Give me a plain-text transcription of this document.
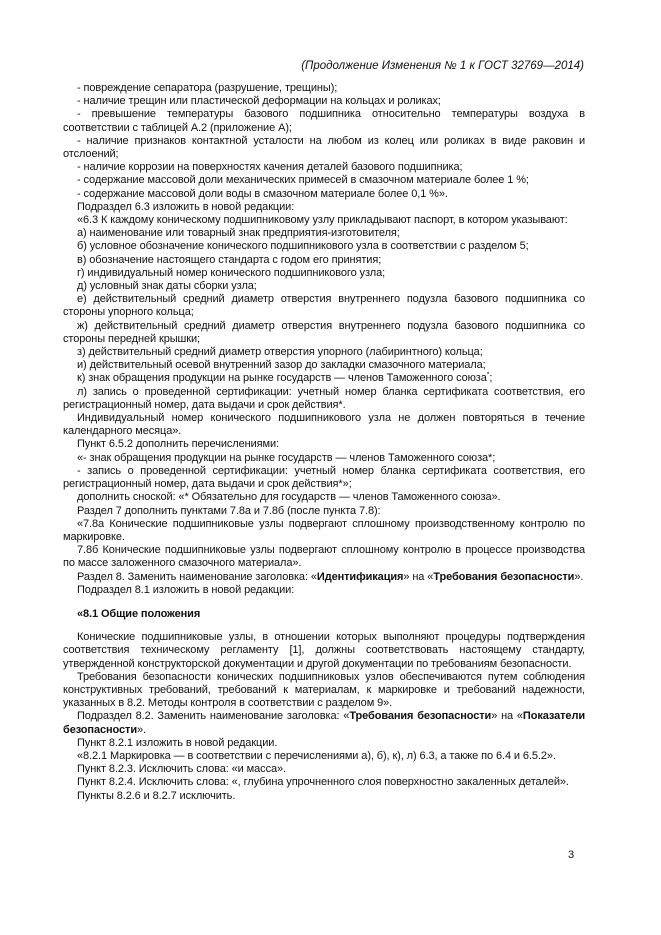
(Продолжение Изменения № 1 к ГОСТ 32769—2014)

- повреждение сепаратора (разрушение, трещины);

- наличие трещин или пластической деформации на кольцах и роликах;

- превышение температуры базового подшипника относительно температуры воздуха в соответствии с таблицей А.2 (приложение А);

- наличие признаков контактной усталости на любом из колец или роликах в виде раковин и отслоений;

- наличие коррозии на поверхностях качения деталей базового подшипника;

- содержание массовой доли механических примесей в смазочном материале более 1 %;

- содержание массовой доли воды в смазочном материале более 0,1 %».

Подраздел 6.3 изложить в новой редакции:

«6.3 К каждому коническому подшипниковому узлу прикладывают паспорт, в котором указывают:

а) наименование или товарный знак предприятия-изготовителя;

б) условное обозначение конического подшипникового узла в соответствии с разделом 5;

в) обозначение настоящего стандарта с годом его принятия;

г) индивидуальный номер конического подшипникового узла;

д) условный знак даты сборки узла;

е) действительный средний диаметр отверстия внутреннего подузла базового подшипника со стороны упорного кольца;

ж) действительный средний диаметр отверстия внутреннего подузла базового подшипника со стороны передней крышки;

з) действительный средний диаметр отверстия упорного (лабиринтного) кольца;

и) действительный осевой внутренний зазор до закладки смазочного материала;

к) знак обращения продукции на рынке государств — членов Таможенного союза*;

л) запись о проведенной сертификации: учетный номер бланка сертификата соответствия, его регистрационный номер, дата выдачи и срок действия*.

Индивидуальный номер конического подшипникового узла не должен повторяться в течение календарного месяца».

Пункт 6.5.2 дополнить перечислениями:

«- знак обращения продукции на рынке государств — членов Таможенного союза*;

- запись о проведенной сертификации: учетный номер бланка сертификата соответствия, его регистрационный номер, дата выдачи и срок действия*»;

дополнить сноской: «* Обязательно для государств — членов Таможенного союза».

Раздел 7 дополнить пунктами 7.8а и 7.8б (после пункта 7.8):

«7.8а Конические подшипниковые узлы подвергают сплошному производственному контролю по маркировке.

7.8б Конические подшипниковые узлы подвергают сплошному контролю в процессе производства по массе заложенного смазочного материала».

Раздел 8. Заменить наименование заголовка: «Идентификация» на «Требования безопасности».

Подраздел 8.1 изложить в новой редакции:

«8.1 Общие положения

Конические подшипниковые узлы, в отношении которых выполняют процедуры подтверждения соответствия техническому регламенту [1], должны соответствовать настоящему стандарту, утвержденной конструкторской документации и другой документации по требованиям безопасности.

Требования безопасности конических подшипниковых узлов обеспечиваются путем соблюдения конструктивных требований, требований к материалам, к маркировке и требований надежности, указанных в 8.2. Методы контроля в соответствии с разделом 9».

Подраздел 8.2. Заменить наименование заголовка: «Требования безопасности» на «Показатели безопасности».

Пункт 8.2.1 изложить в новой редакции.

«8.2.1 Маркировка — в соответствии с перечислениями а), б), к), л) 6.3, а также по 6.4 и 6.5.2».

Пункт 8.2.3. Исключить слова: «и масса».

Пункт 8.2.4. Исключить слова: «, глубина упрочненного слоя поверхностно закаленных деталей».

Пункты 8.2.6 и 8.2.7 исключить.

3
